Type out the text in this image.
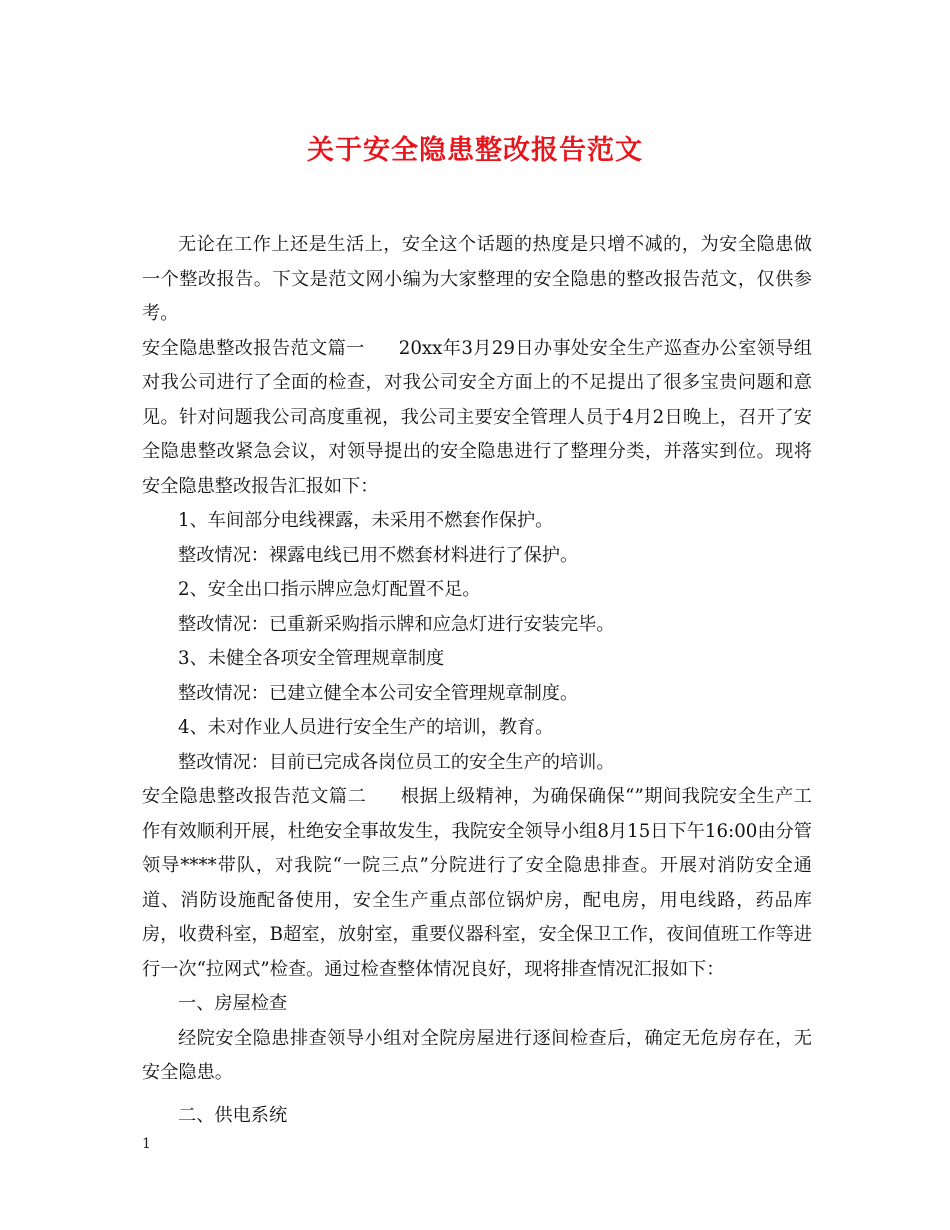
关于安全隐患整改报告范文

无论在工作上还是生活上，安全这个话题的热度是只增不减的，为安全隐患做一个整改报告。下文是范文网小编为大家整理的安全隐患的整改报告范文，仅供参考。

安全隐患整改报告范文篇一 20xx年3月29日办事处安全生产巡查办公室领导组对我公司进行了全面的检查，对我公司安全方面上的不足提出了很多宝贵问题和意见。针对问题我公司高度重视，我公司主要安全管理人员于4月2日晚上，召开了安全隐患整改紧急会议，对领导提出的安全隐患进行了整理分类，并落实到位。现将安全隐患整改报告汇报如下：

1、车间部分电线裸露，未采用不燃套作保护。

整改情况：裸露电线已用不燃套材料进行了保护。

2、安全出口指示牌应急灯配置不足。

整改情况：已重新采购指示牌和应急灯进行安装完毕。

3、未健全各项安全管理规章制度

整改情况：已建立健全本公司安全管理规章制度。

4、未对作业人员进行安全生产的培训，教育。

整改情况：目前已完成各岗位员工的安全生产的培训。

安全隐患整改报告范文篇二 根据上级精神，为确保确保“”期间我院安全生产工作有效顺利开展，杜绝安全事故发生，我院安全领导小组8月15日下午16:00由分管领导****带队，对我院“一院三点”分院进行了安全隐患排查。开展对消防安全通道、消防设施配备使用，安全生产重点部位锅炉房，配电房，用电线路，药品库房，收费科室，B超室，放射室，重要仪器科室，安全保卫工作，夜间值班工作等进行一次“拉网式”检查。通过检查整体情况良好，现将排查情况汇报如下：

一、房屋检查

经院安全隐患排查领导小组对全院房屋进行逐间检查后，确定无危房存在，无安全隐患。

二、供电系统

1
